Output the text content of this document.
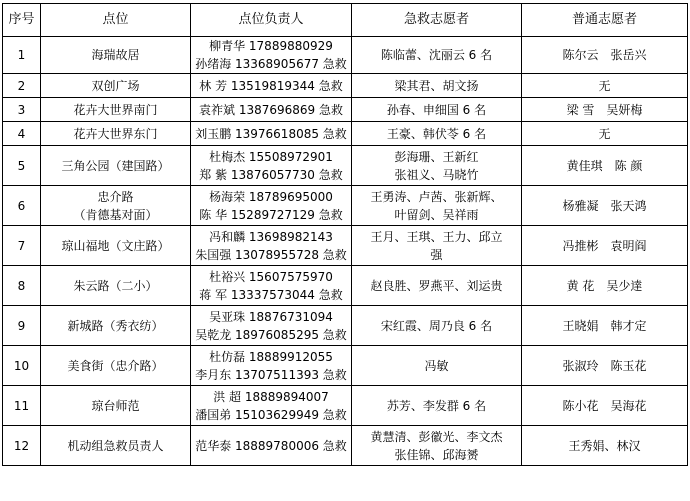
序号	点位	点位负责人	急救志愿者	普通志愿者
1	海瑞故居	柳青华 17889880929
孙绪海 13368905677 急救	陈临蕾、沈丽云 6 名	陈尔云　张岳兴

2	双创广场	林 芳 13519819344 急救	梁其君、胡文扬	无

3	花卉大世界南门	袁祚斌 1387696869 急救	孙春、申细国 6 名	梁 雪　吴妍梅

4	花卉大世界东门	刘玉鹏 13976618085 急救	王豪、韩伏苓 6 名	无

5	三角公园（建国路）	杜梅杰 15508972901
郑 紫 13876057730 急救	彭海珊、王新红
张祖义、马晓竹	黄佳琪　陈 颜

6	忠介路
（肯德基对面）	杨海荣 18789695000
陈 华 15289727129 急救	王勇涛、卢茜、张新辉、
叶留剑、吴祥雨	杨雅凝　张天鸿

7	琼山福地（文庄路）	冯和麟 13698982143
朱国强 13078955728 急救	王月、王琪、王力、邱立
强	冯推彬　袁明阎

8	朱云路（二小）	杜裕兴 15607575970
蒋 军 13337573044 急救	赵良胜、罗燕平、刘运贵	黄 花　吴少達

9	新城路（秀衣纺）	吴亚珠 18876731094
吴乾龙 18976085295 急救	宋红霞、周乃良 6 名	王晓娟　韩才定

10	美食街（忠介路）	杜仿磊 18889912055
李月东 13707511393 急救	冯敏	张淑玲　陈玉花

11	琼台师范	洪 超 18889894007
潘国弟 15103629949 急救	苏芳、李发群 6 名	陈小花　吴海花

12	机动组急救员责人	范华泰 18889780006 急救	黄慧清、彭徽光、李文杰
张佳锦、邱海赟	王秀娟、林汉
